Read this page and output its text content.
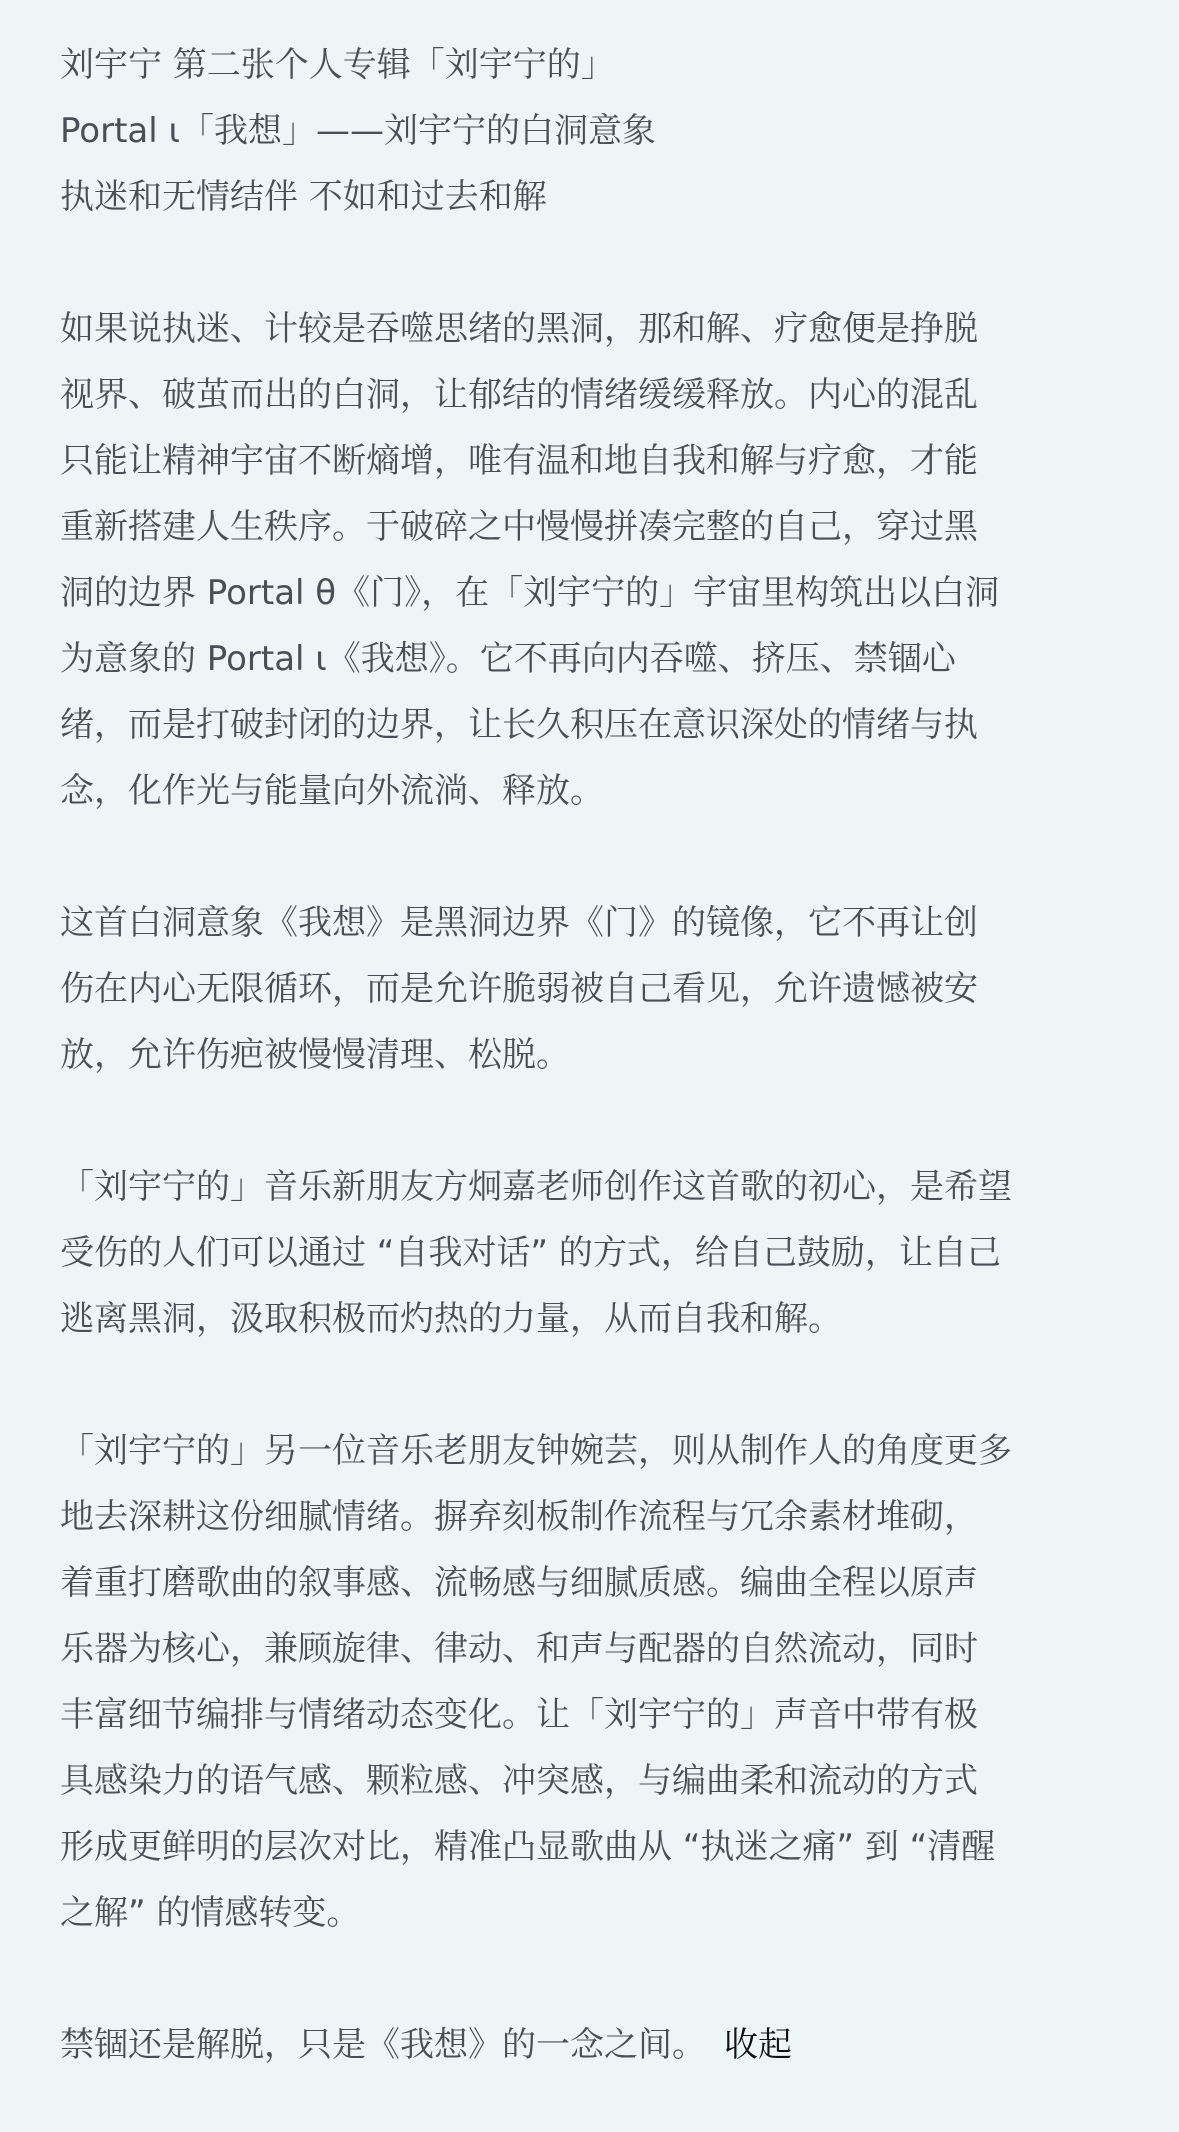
刘宇宁 第二张个人专辑「刘宇宁的」
Portal ι「我想」——刘宇宁的白洞意象
执迷和无情结伴 不如和过去和解
如果说执迷、计较是吞噬思绪的黑洞，那和解、疗愈便是挣脱
视界、破茧而出的白洞，让郁结的情绪缓缓释放。内心的混乱
只能让精神宇宙不断熵增，唯有温和地自我和解与疗愈，才能
重新搭建人生秩序。于破碎之中慢慢拼凑完整的自己，穿过黑
洞的边界 Portal θ《门》，在「刘宇宁的」宇宙里构筑出以白洞
为意象的 Portal ι《我想》。它不再向内吞噬、挤压、禁锢心
绪，而是打破封闭的边界，让长久积压在意识深处的情绪与执
念，化作光与能量向外流淌、释放。
这首白洞意象《我想》是黑洞边界《门》的镜像，它不再让创
伤在内心无限循环，而是允许脆弱被自己看见，允许遗憾被安
放，允许伤疤被慢慢清理、松脱。
「刘宇宁的」音乐新朋友方炯嘉老师创作这首歌的初心，是希望
受伤的人们可以通过 “自我对话” 的方式，给自己鼓励，让自己
逃离黑洞，汲取积极而灼热的力量，从而自我和解。
「刘宇宁的」另一位音乐老朋友钟婉芸，则从制作人的角度更多
地去深耕这份细腻情绪。摒弃刻板制作流程与冗余素材堆砌，
着重打磨歌曲的叙事感、流畅感与细腻质感。编曲全程以原声
乐器为核心，兼顾旋律、律动、和声与配器的自然流动，同时
丰富细节编排与情绪动态变化。让「刘宇宁的」声音中带有极
具感染力的语气感、颗粒感、冲突感，与编曲柔和流动的方式
形成更鲜明的层次对比，精准凸显歌曲从 “执迷之痛” 到 “清醒
之解” 的情感转变。
禁锢还是解脱，只是《我想》的一念之间。 收起
